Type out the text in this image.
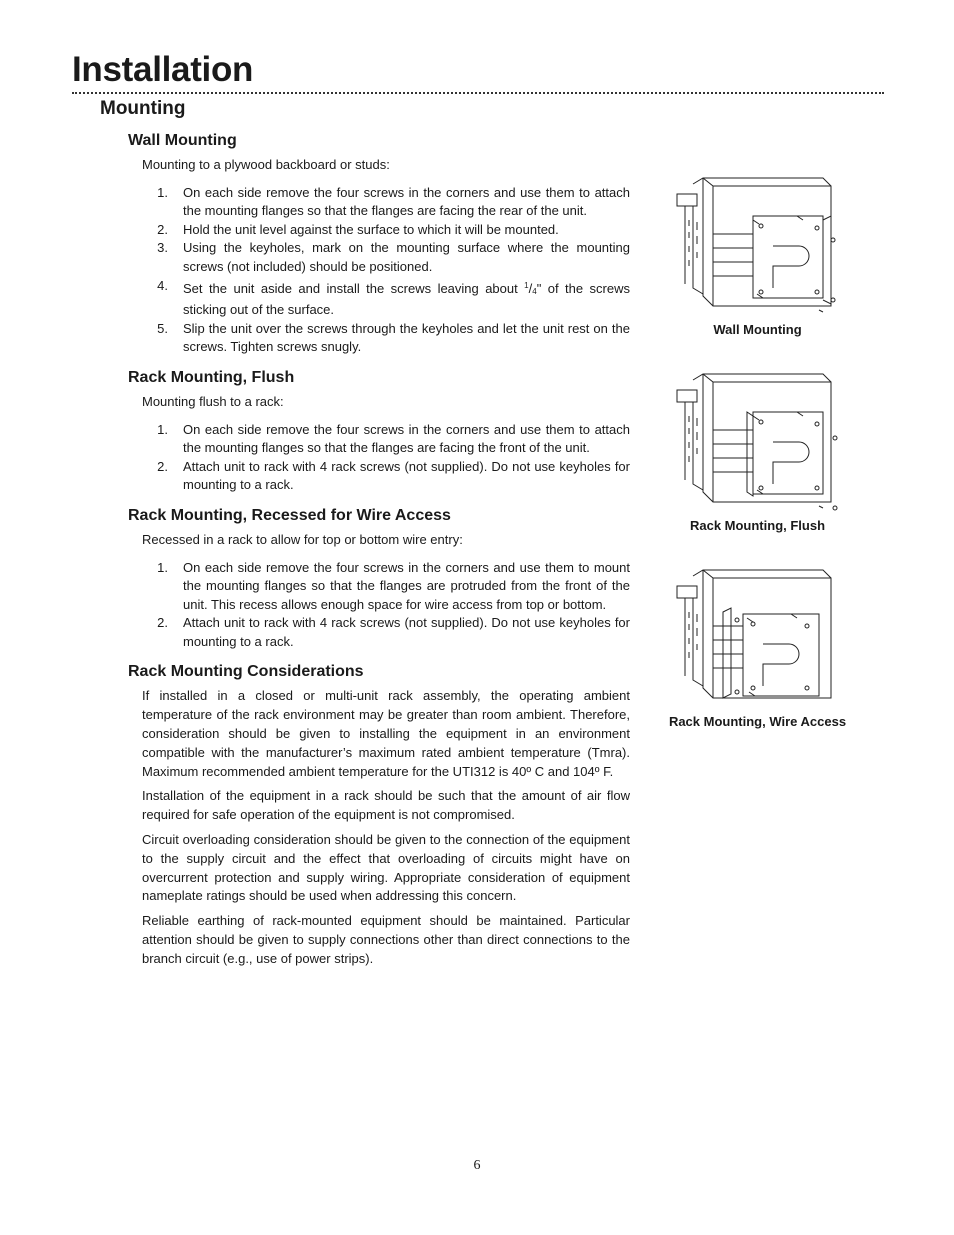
Installation
Mounting
Wall Mounting

Mounting to a plywood backboard or studs:

1. On each side remove the four screws in the corners and use them to attach the mounting flanges so that the flanges are facing the rear of the unit.
2. Hold the unit level against the surface to which it will be mounted.
3. Using the keyholes, mark on the mounting surface where the mounting screws (not included) should be positioned.
4. Set the unit aside and install the screws leaving about $^1/_4$" of the screws sticking out of the surface.
5. Slip the unit over the screws through the keyholes and let the unit rest on the screws. Tighten screws snugly.
Rack Mounting, Flush

Mounting flush to a rack:

1. On each side remove the four screws in the corners and use them to attach the mounting flanges so that the flanges are facing the front of the unit.
2. Attach unit to rack with 4 rack screws (not supplied). Do not use keyholes for mounting to a rack.
Rack Mounting, Recessed for Wire Access

Recessed in a rack to allow for top or bottom wire entry:

1. On each side remove the four screws in the corners and use them to mount the mounting flanges so that the flanges are protruded from the front of the unit. This recess allows enough space for wire access from top or bottom.
2. Attach unit to rack with 4 rack screws (not supplied). Do not use keyholes for mounting to a rack.
Rack Mounting Considerations

If installed in a closed or multi-unit rack assembly, the operating ambient temperature of the rack environment may be greater than room ambient. Therefore, consideration should be given to installing the equipment in an environment compatible with the manufacturer’s maximum rated ambient temperature (Tmra). Maximum recommended ambient temperature for the UTI312 is 40º C and 104º F.

Installation of the equipment in a rack should be such that the amount of air flow required for safe operation of the equipment is not compromised.

Circuit overloading consideration should be given to the connection of the equipment to the supply circuit and the effect that overloading of circuits might have on overcurrent protection and supply wiring. Appropriate consideration of equipment nameplate ratings should be used when addressing this concern.

Reliable earthing of rack-mounted equipment should be maintained. Particular attention should be given to supply connections other than direct connections to the branch circuit (e.g., use of power strips).

Wall Mounting

Rack Mounting, Flush

Rack Mounting, Wire Access

6
